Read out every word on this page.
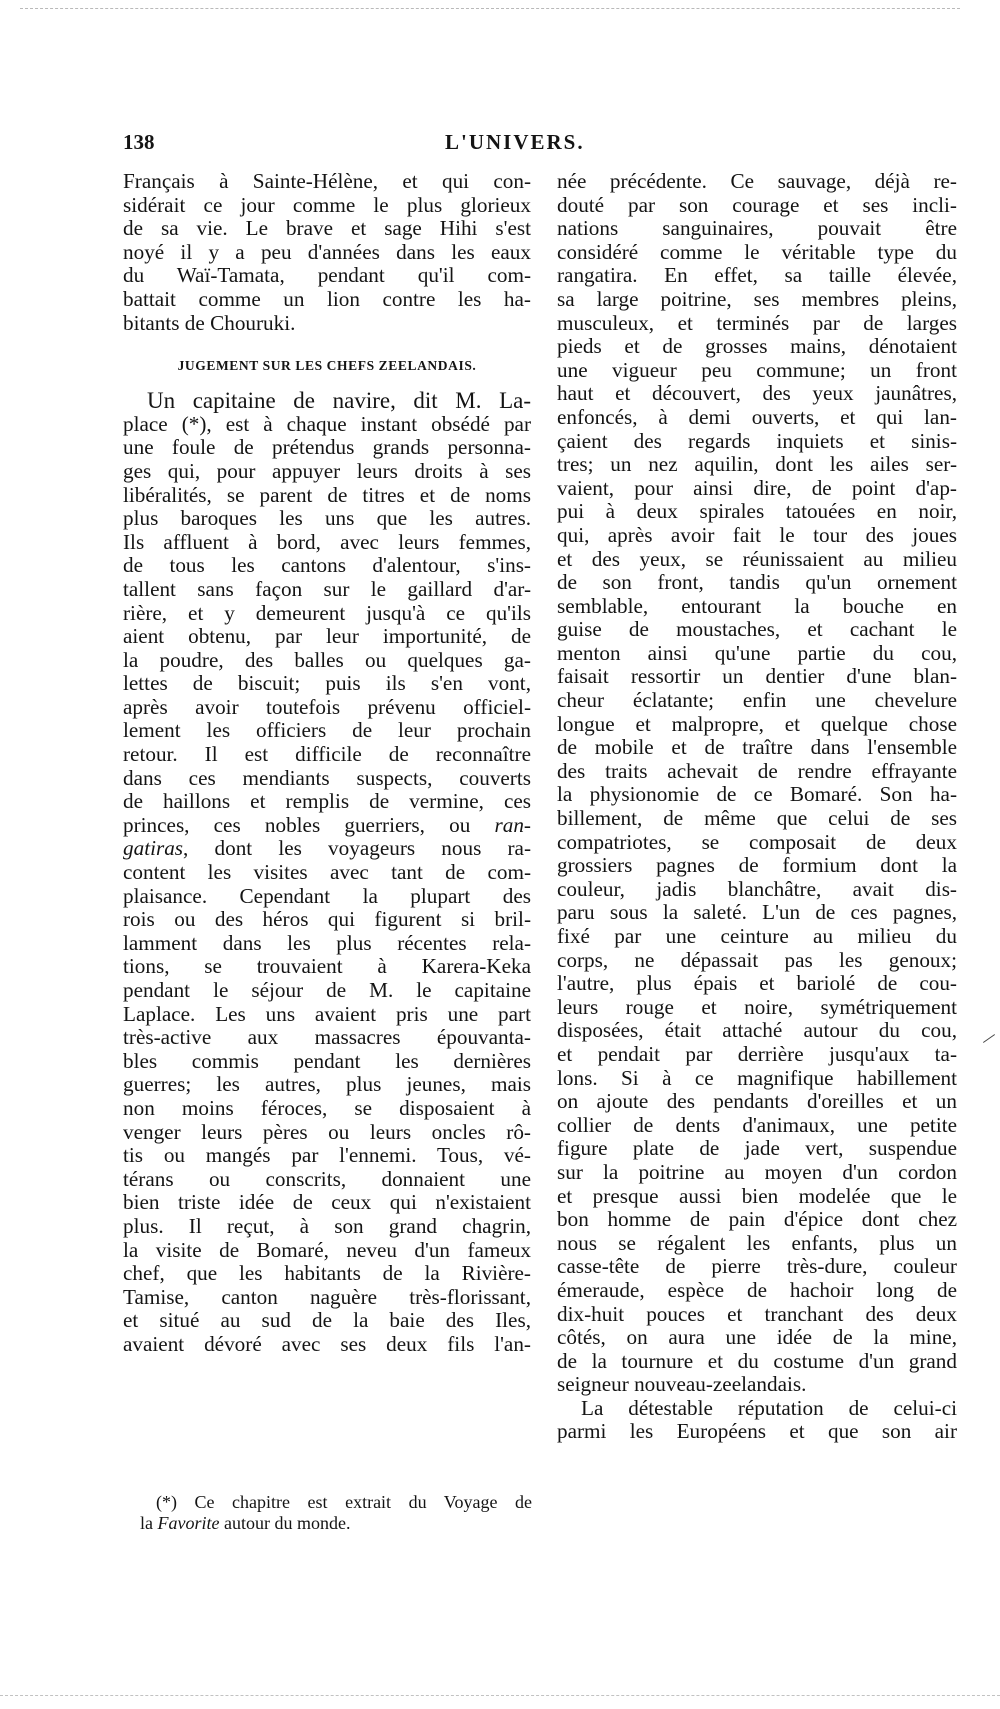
138	L'UNIVERS.
Français à Sainte-Hélène, et qui con-
sidérait ce jour comme le plus glorieux
de sa vie. Le brave et sage Hihi s'est
noyé il y a peu d'années dans les eaux
du Waï-Tamata, pendant qu'il com-
battait comme un lion contre les ha-
bitants de Chouruki.
JUGEMENT SUR LES CHEFS ZEELANDAIS.
Un capitaine de navire, dit M. La-
place (*), est à chaque instant obsédé par
une foule de prétendus grands personna-
ges qui, pour appuyer leurs droits à ses
libéralités, se parent de titres et de noms
plus baroques les uns que les autres.
Ils affluent à bord, avec leurs femmes,
de tous les cantons d'alentour, s'ins-
tallent sans façon sur le gaillard d'ar-
rière, et y demeurent jusqu'à ce qu'ils
aient obtenu, par leur importunité, de
la poudre, des balles ou quelques ga-
lettes de biscuit; puis ils s'en vont,
après avoir toutefois prévenu officiel-
lement les officiers de leur prochain
retour. Il est difficile de reconnaître
dans ces mendiants suspects, couverts
de haillons et remplis de vermine, ces
princes, ces nobles guerriers, ou ran-
gatiras, dont les voyageurs nous ra-
content les visites avec tant de com-
plaisance. Cependant la plupart des
rois ou des héros qui figurent si bril-
lamment dans les plus récentes rela-
tions, se trouvaient à Karera-Keka
pendant le séjour de M. le capitaine
Laplace. Les uns avaient pris une part
très-active aux massacres épouvanta-
bles commis pendant les dernières
guerres; les autres, plus jeunes, mais
non moins féroces, se disposaient à
venger leurs pères ou leurs oncles rô-
tis ou mangés par l'ennemi. Tous, vé-
térans ou conscrits, donnaient une
bien triste idée de ceux qui n'existaient
plus. Il reçut, à son grand chagrin,
la visite de Bomaré, neveu d'un fameux
chef, que les habitants de la Rivière-
Tamise, canton naguère très-florissant,
et situé au sud de la baie des Iles,
avaient dévoré avec ses deux fils l'an-
(*) Ce chapitre est extrait du Voyage de
la Favorite autour du monde.
née précédente. Ce sauvage, déjà re-
douté par son courage et ses incli-
nations sanguinaires, pouvait être
considéré comme le véritable type du
rangatira. En effet, sa taille élevée,
sa large poitrine, ses membres pleins,
musculeux, et terminés par de larges
pieds et de grosses mains, dénotaient
une vigueur peu commune; un front
haut et découvert, des yeux jaunâtres,
enfoncés, à demi ouverts, et qui lan-
çaient des regards inquiets et sinis-
tres; un nez aquilin, dont les ailes ser-
vaient, pour ainsi dire, de point d'ap-
pui à deux spirales tatouées en noir,
qui, après avoir fait le tour des joues
et des yeux, se réunissaient au milieu
de son front, tandis qu'un ornement
semblable, entourant la bouche en
guise de moustaches, et cachant le
menton ainsi qu'une partie du cou,
faisait ressortir un dentier d'une blan-
cheur éclatante; enfin une chevelure
longue et malpropre, et quelque chose
de mobile et de traître dans l'ensemble
des traits achevait de rendre effrayante
la physionomie de ce Bomaré. Son ha-
billement, de même que celui de ses
compatriotes, se composait de deux
grossiers pagnes de formium dont la
couleur, jadis blanchâtre, avait dis-
paru sous la saleté. L'un de ces pagnes,
fixé par une ceinture au milieu du
corps, ne dépassait pas les genoux;
l'autre, plus épais et bariolé de cou-
leurs rouge et noire, symétriquement
disposées, était attaché autour du cou,
et pendait par derrière jusqu'aux ta-
lons. Si à ce magnifique habillement
on ajoute des pendants d'oreilles et un
collier de dents d'animaux, une petite
figure plate de jade vert, suspendue
sur la poitrine au moyen d'un cordon
et presque aussi bien modelée que le
bon homme de pain d'épice dont chez
nous se régalent les enfants, plus un
casse-tête de pierre très-dure, couleur
émeraude, espèce de hachoir long de
dix-huit pouces et tranchant des deux
côtés, on aura une idée de la mine,
de la tournure et du costume d'un grand
seigneur nouveau-zeelandais.
La détestable réputation de celui-ci
parmi les Européens et que son air
